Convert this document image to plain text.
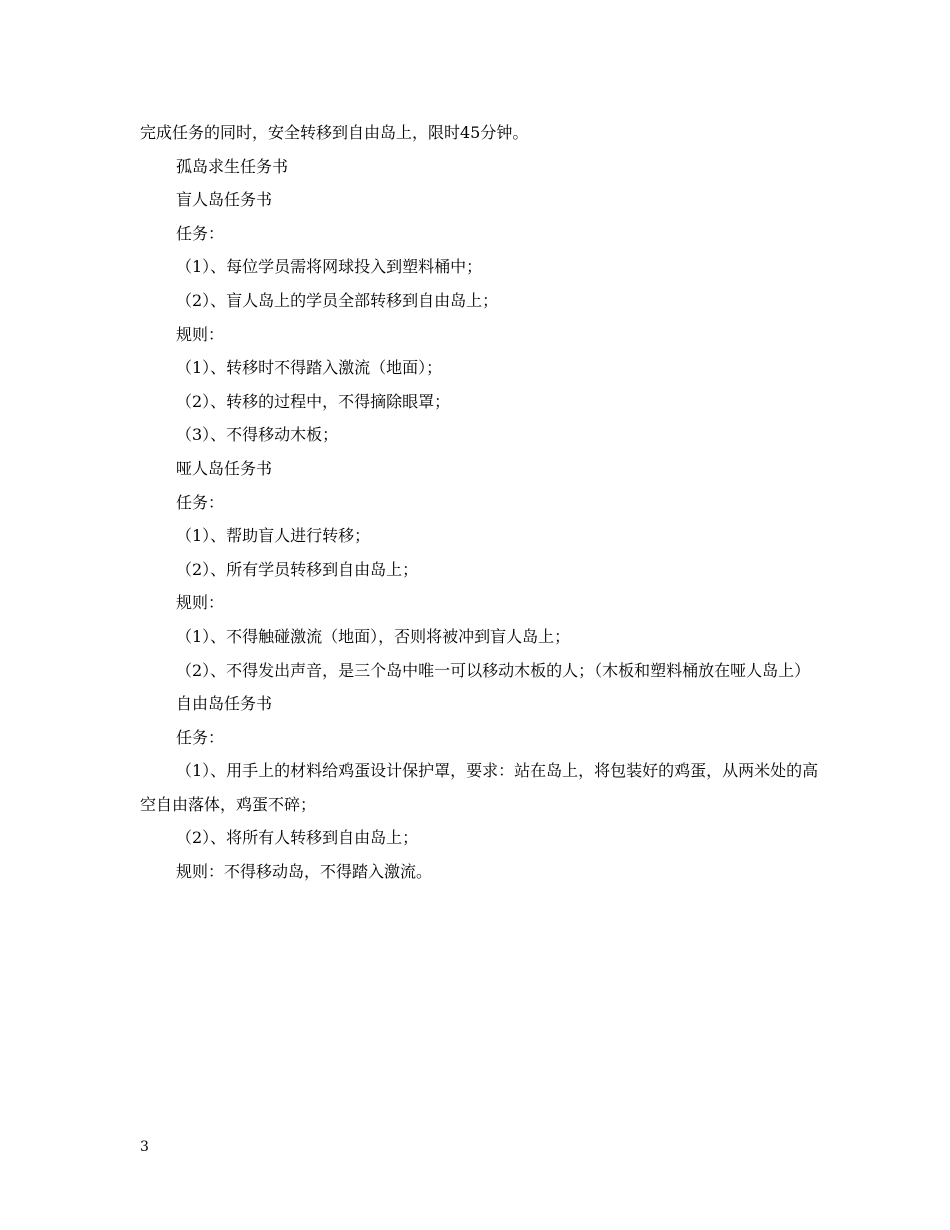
完成任务的同时，安全转移到自由岛上，限时45分钟。

孤岛求生任务书

盲人岛任务书

任务：

（1）、每位学员需将网球投入到塑料桶中；

（2）、盲人岛上的学员全部转移到自由岛上；

规则：

（1）、转移时不得踏入激流（地面）；

（2）、转移的过程中，不得摘除眼罩；

（3）、不得移动木板；

哑人岛任务书

任务：

（1）、帮助盲人进行转移；

（2）、所有学员转移到自由岛上；

规则：

（1）、不得触碰激流（地面），否则将被冲到盲人岛上；

（2）、不得发出声音，是三个岛中唯一可以移动木板的人；（木板和塑料桶放在哑人岛上）

自由岛任务书

任务：

（1）、用手上的材料给鸡蛋设计保护罩，要求：站在岛上，将包装好的鸡蛋，从两米处的高空自由落体，鸡蛋不碎；

（2）、将所有人转移到自由岛上；

规则：不得移动岛，不得踏入激流。

3
